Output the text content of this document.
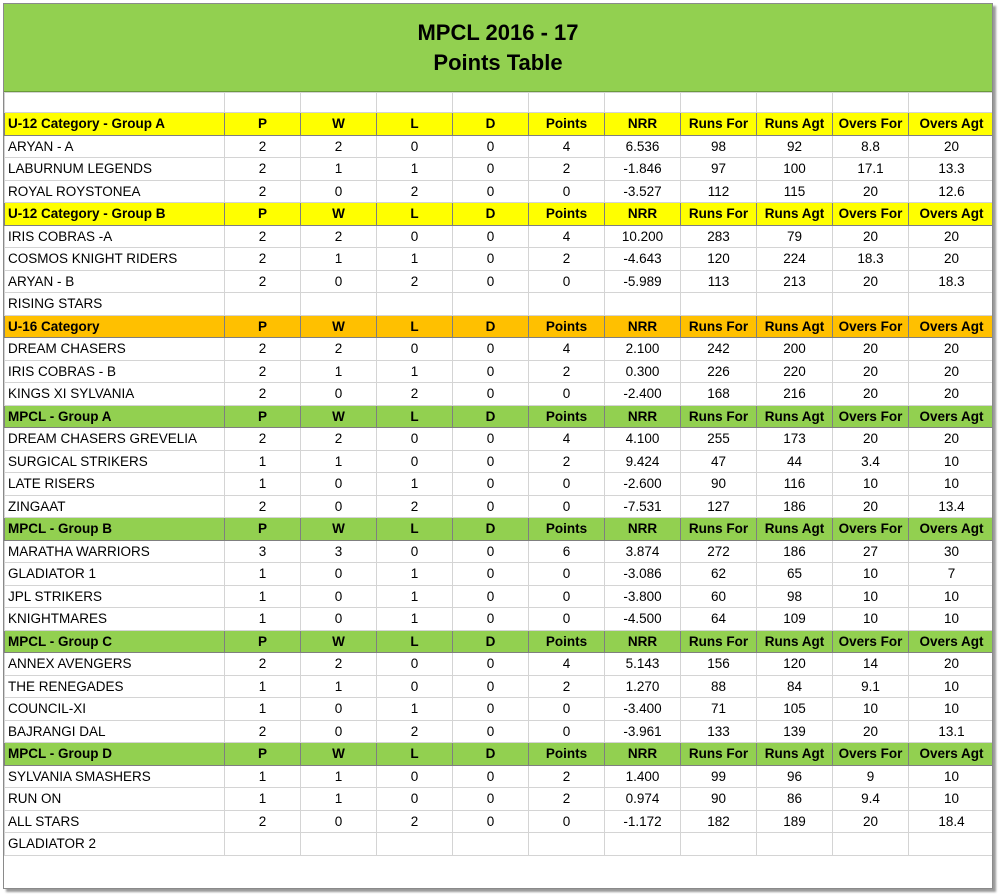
MPCL 2016 - 17
Points Table

U-12 Category - Group A	P	W	L	D	Points	NRR	Runs For	Runs Agt	Overs For	Overs Agt
ARYAN - A	2	2	0	0	4	6.536	98	92	8.8	20
LABURNUM LEGENDS	2	1	1	0	2	-1.846	97	100	17.1	13.3
ROYAL ROYSTONEA	2	0	2	0	0	-3.527	112	115	20	12.6
U-12 Category - Group B	P	W	L	D	Points	NRR	Runs For	Runs Agt	Overs For	Overs Agt
IRIS COBRAS -A	2	2	0	0	4	10.200	283	79	20	20
COSMOS KNIGHT RIDERS	2	1	1	0	2	-4.643	120	224	18.3	20
ARYAN - B	2	0	2	0	0	-5.989	113	213	20	18.3
RISING STARS										
U-16 Category	P	W	L	D	Points	NRR	Runs For	Runs Agt	Overs For	Overs Agt
DREAM CHASERS	2	2	0	0	4	2.100	242	200	20	20
IRIS COBRAS - B	2	1	1	0	2	0.300	226	220	20	20
KINGS XI SYLVANIA	2	0	2	0	0	-2.400	168	216	20	20
MPCL - Group A	P	W	L	D	Points	NRR	Runs For	Runs Agt	Overs For	Overs Agt
DREAM CHASERS GREVELIA	2	2	0	0	4	4.100	255	173	20	20
SURGICAL STRIKERS	1	1	0	0	2	9.424	47	44	3.4	10
LATE RISERS	1	0	1	0	0	-2.600	90	116	10	10
ZINGAAT	2	0	2	0	0	-7.531	127	186	20	13.4
MPCL - Group B	P	W	L	D	Points	NRR	Runs For	Runs Agt	Overs For	Overs Agt
MARATHA WARRIORS	3	3	0	0	6	3.874	272	186	27	30
GLADIATOR 1	1	0	1	0	0	-3.086	62	65	10	7
JPL STRIKERS	1	0	1	0	0	-3.800	60	98	10	10
KNIGHTMARES	1	0	1	0	0	-4.500	64	109	10	10
MPCL - Group C	P	W	L	D	Points	NRR	Runs For	Runs Agt	Overs For	Overs Agt
ANNEX AVENGERS	2	2	0	0	4	5.143	156	120	14	20
THE RENEGADES	1	1	0	0	2	1.270	88	84	9.1	10
COUNCIL-XI	1	0	1	0	0	-3.400	71	105	10	10
BAJRANGI DAL	2	0	2	0	0	-3.961	133	139	20	13.1
MPCL - Group D	P	W	L	D	Points	NRR	Runs For	Runs Agt	Overs For	Overs Agt
SYLVANIA SMASHERS	1	1	0	0	2	1.400	99	96	9	10
RUN ON	1	1	0	0	2	0.974	90	86	9.4	10
ALL STARS	2	0	2	0	0	-1.172	182	189	20	18.4
GLADIATOR 2										
